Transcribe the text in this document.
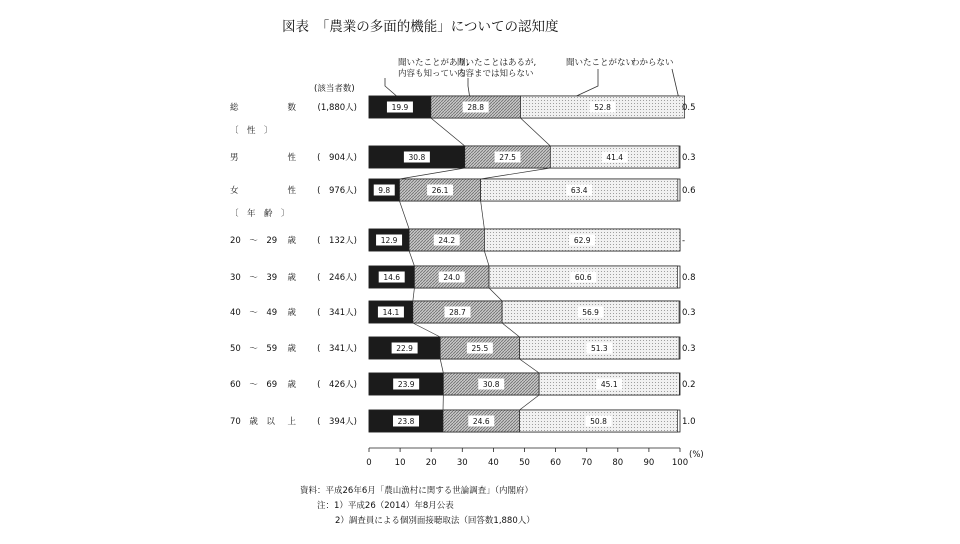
図表　「農業の多面的機能」についての認知度
聞いたことがあり,
内容も知っている
聞いたことはあるが,
内容までは知らない
聞いたことがない
わからない
(該当者数)
総	数	(1,880人)	19.9	28.8	52.8	0.5
〔　性　〕
男	性 (　904人)	30.8	27.5	41.4	0.3
女	性 (　976人)	9.8	26.1	63.4	0.6
〔　年　齢　〕
20　～　29 歳 (　132人)	12.9	24.2	62.9	-
30　～　39 歳 (　246人)	14.6	24.0	60.6	0.8
40　～　49 歳 (　341人)	14.1	28.7	56.9	0.3
50　～　59 歳 (　341人)	22.9	25.5	51.3	0.3
60　～　69 歳 (　426人)	23.9	30.8	45.1	0.2
70　歳　以 上 (　394人)	23.8	24.6	50.8	1.0
0	10 20 30 40 50 60 70 80 90 100
(%)
資料：平成26年6月「農山漁村に関する世論調査」（内閣府）
注：1）平成26（2014）年8月公表
2）調査員による個別面接聴取法（回答数1,880人）
